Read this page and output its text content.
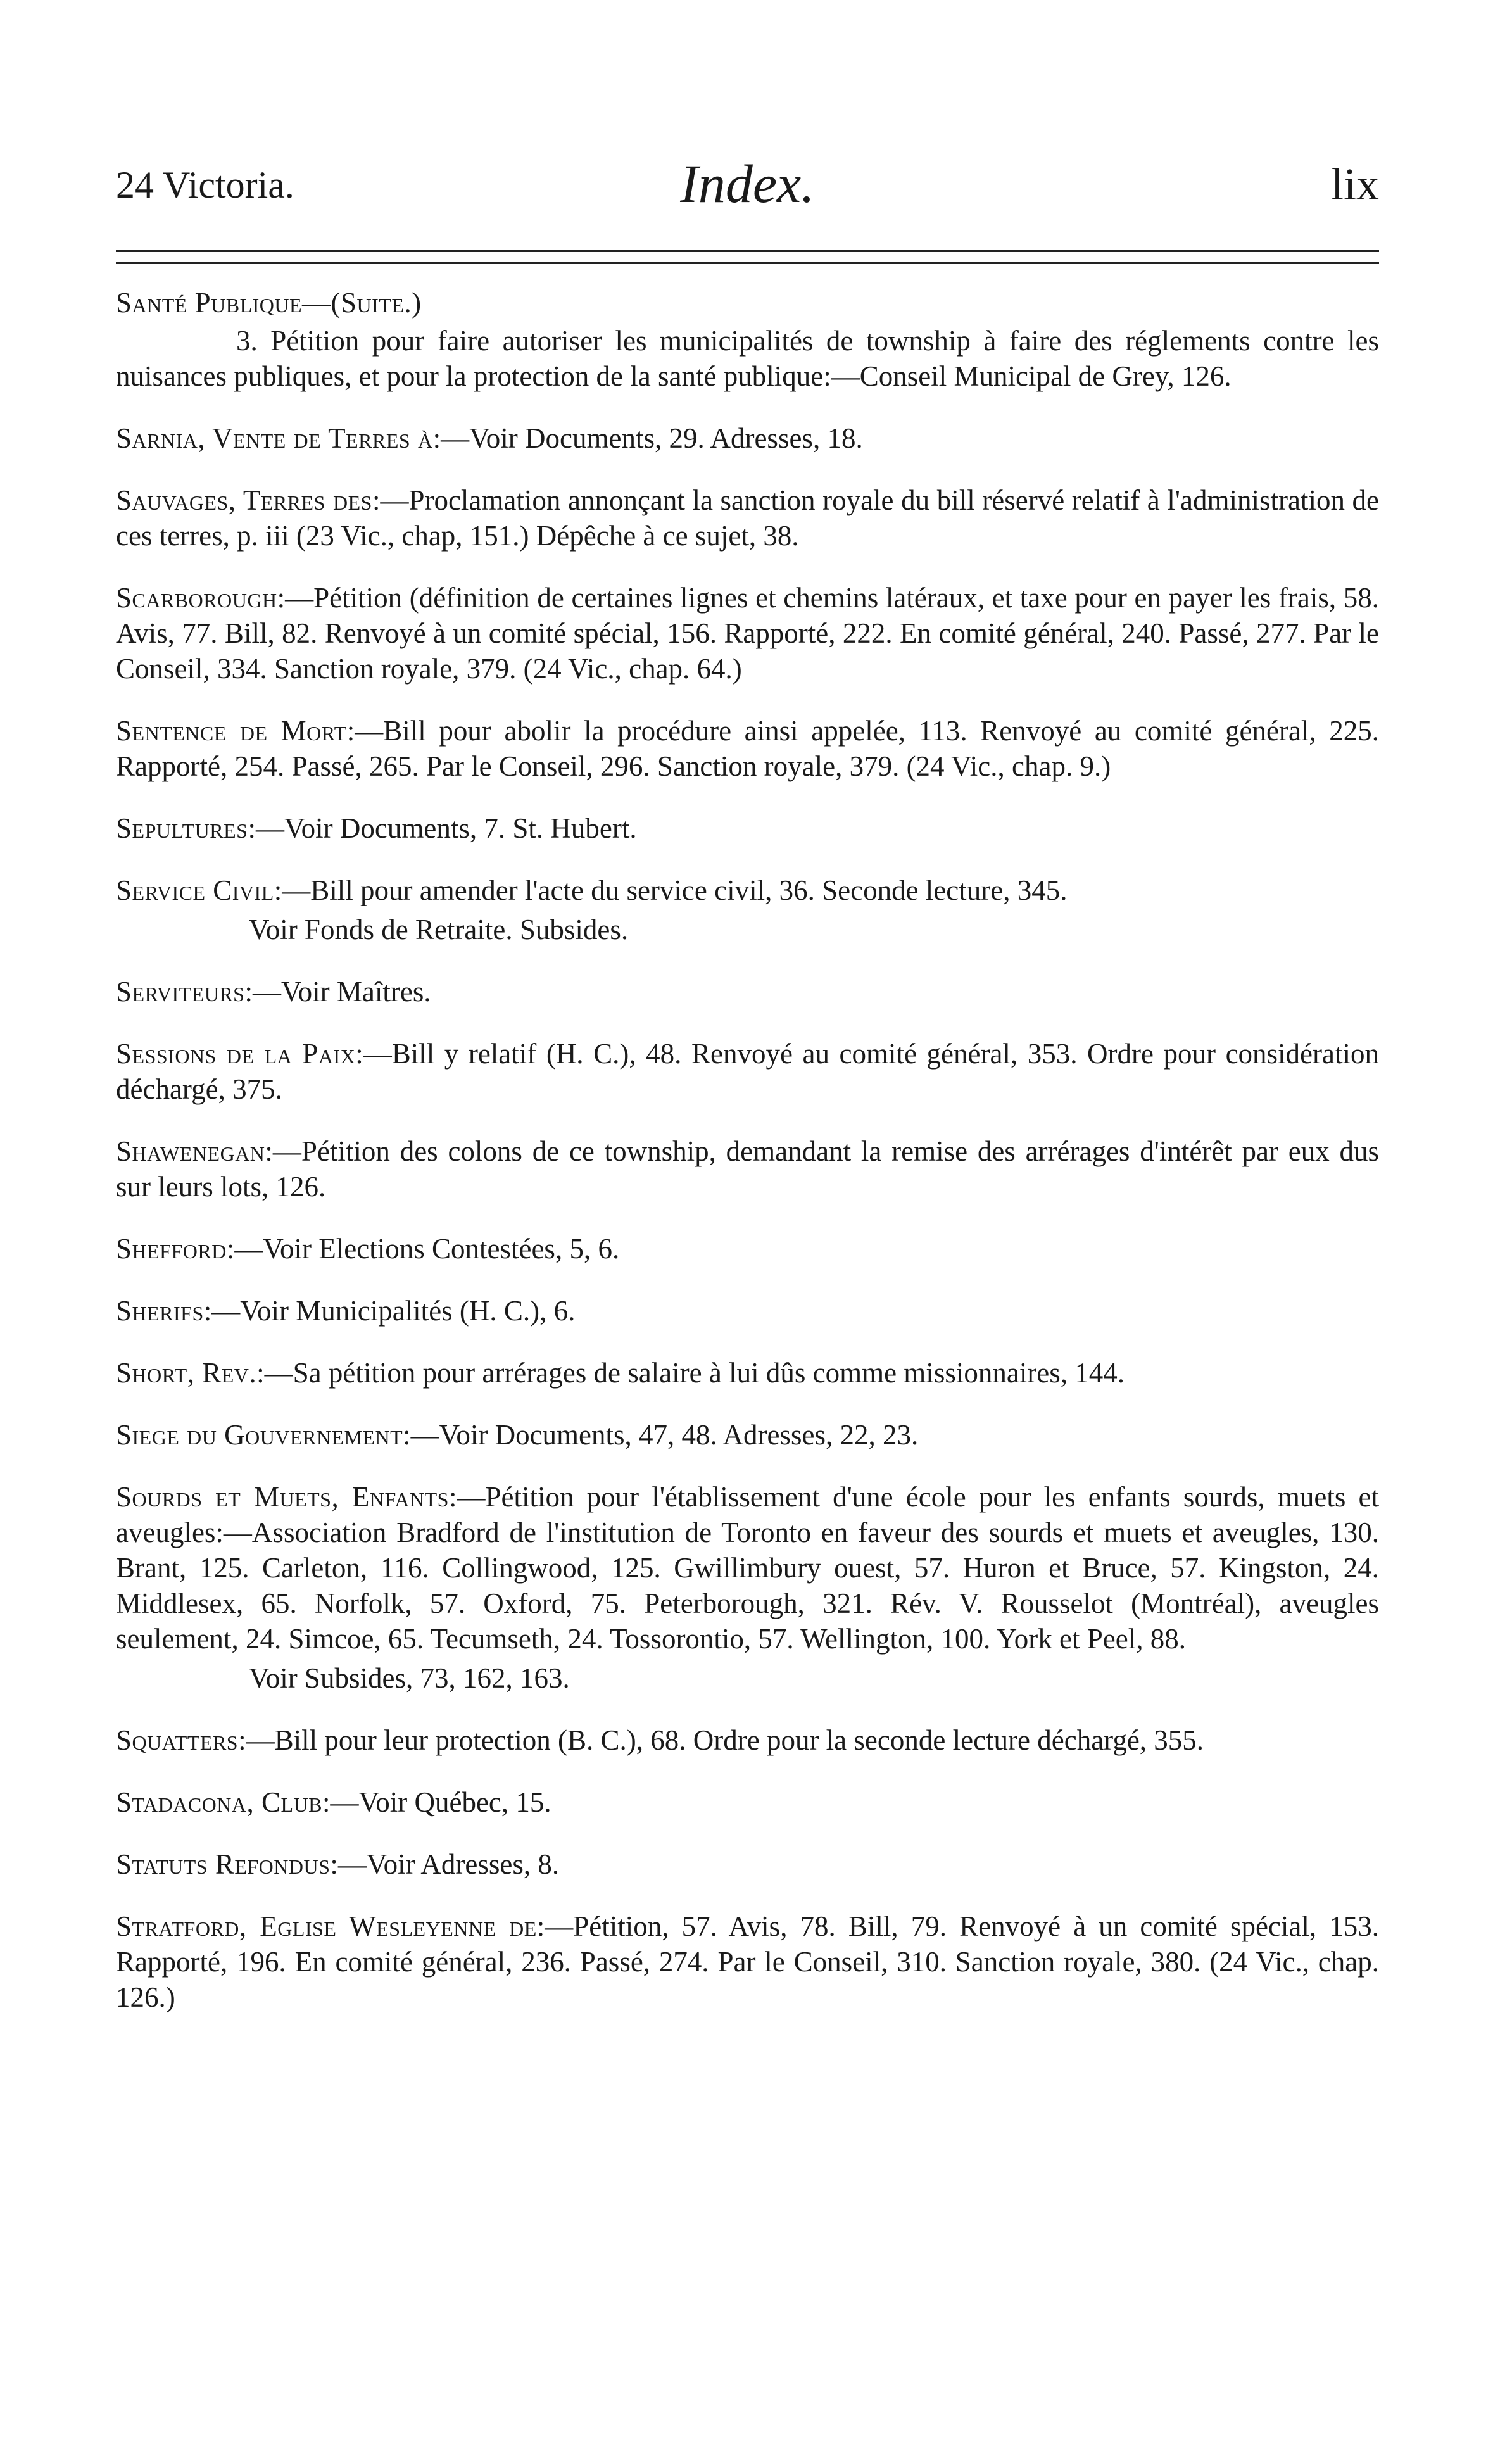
24 Victoria.	Index.	lix

Santé Publique—(Suite.)

3. Pétition pour faire autoriser les municipalités de township à faire des réglements contre les nuisances publiques, et pour la protection de la santé publique:—Conseil Municipal de Grey, 126.

Sarnia, Vente de Terres à:—Voir Documents, 29. Adresses, 18.

Sauvages, Terres des:—Proclamation annonçant la sanction royale du bill réservé relatif à l'administration de ces terres, p. iii (23 Vic., chap, 151.) Dépêche à ce sujet, 38.

Scarborough:—Pétition (définition de certaines lignes et chemins latéraux, et taxe pour en payer les frais, 58. Avis, 77. Bill, 82. Renvoyé à un comité spécial, 156. Rapporté, 222. En comité général, 240. Passé, 277. Par le Conseil, 334. Sanction royale, 379. (24 Vic., chap. 64.)

Sentence de Mort:—Bill pour abolir la procédure ainsi appelée, 113. Renvoyé au comité général, 225. Rapporté, 254. Passé, 265. Par le Conseil, 296. Sanction royale, 379. (24 Vic., chap. 9.)

Sepultures:—Voir Documents, 7. St. Hubert.

Service Civil:—Bill pour amender l'acte du service civil, 36. Seconde lecture, 345.
Voir Fonds de Retraite. Subsides.

Serviteurs:—Voir Maîtres.

Sessions de la Paix:—Bill y relatif (H. C.), 48. Renvoyé au comité général, 353. Ordre pour considération déchargé, 375.

Shawenegan:—Pétition des colons de ce township, demandant la remise des arrérages d'intérêt par eux dus sur leurs lots, 126.

Shefford:—Voir Elections Contestées, 5, 6.

Sherifs:—Voir Municipalités (H. C.), 6.

Short, Rev.:—Sa pétition pour arrérages de salaire à lui dûs comme missionnaires, 144.

Siege du Gouvernement:—Voir Documents, 47, 48. Adresses, 22, 23.

Sourds et Muets, Enfants:—Pétition pour l'établissement d'une école pour les enfants sourds, muets et aveugles:—Association Bradford de l'institution de Toronto en faveur des sourds et muets et aveugles, 130. Brant, 125. Carleton, 116. Collingwood, 125. Gwillimbury ouest, 57. Huron et Bruce, 57. Kingston, 24. Middlesex, 65. Norfolk, 57. Oxford, 75. Peterborough, 321. Rév. V. Rousselot (Montréal), aveugles seulement, 24. Simcoe, 65. Tecumseth, 24. Tossorontio, 57. Wellington, 100. York et Peel, 88.
Voir Subsides, 73, 162, 163.

Squatters:—Bill pour leur protection (B. C.), 68. Ordre pour la seconde lecture déchargé, 355.

Stadacona, Club:—Voir Québec, 15.

Statuts Refondus:—Voir Adresses, 8.

Stratford, Eglise Wesleyenne de:—Pétition, 57. Avis, 78. Bill, 79. Renvoyé à un comité spécial, 153. Rapporté, 196. En comité général, 236. Passé, 274. Par le Conseil, 310. Sanction royale, 380. (24 Vic., chap. 126.)
